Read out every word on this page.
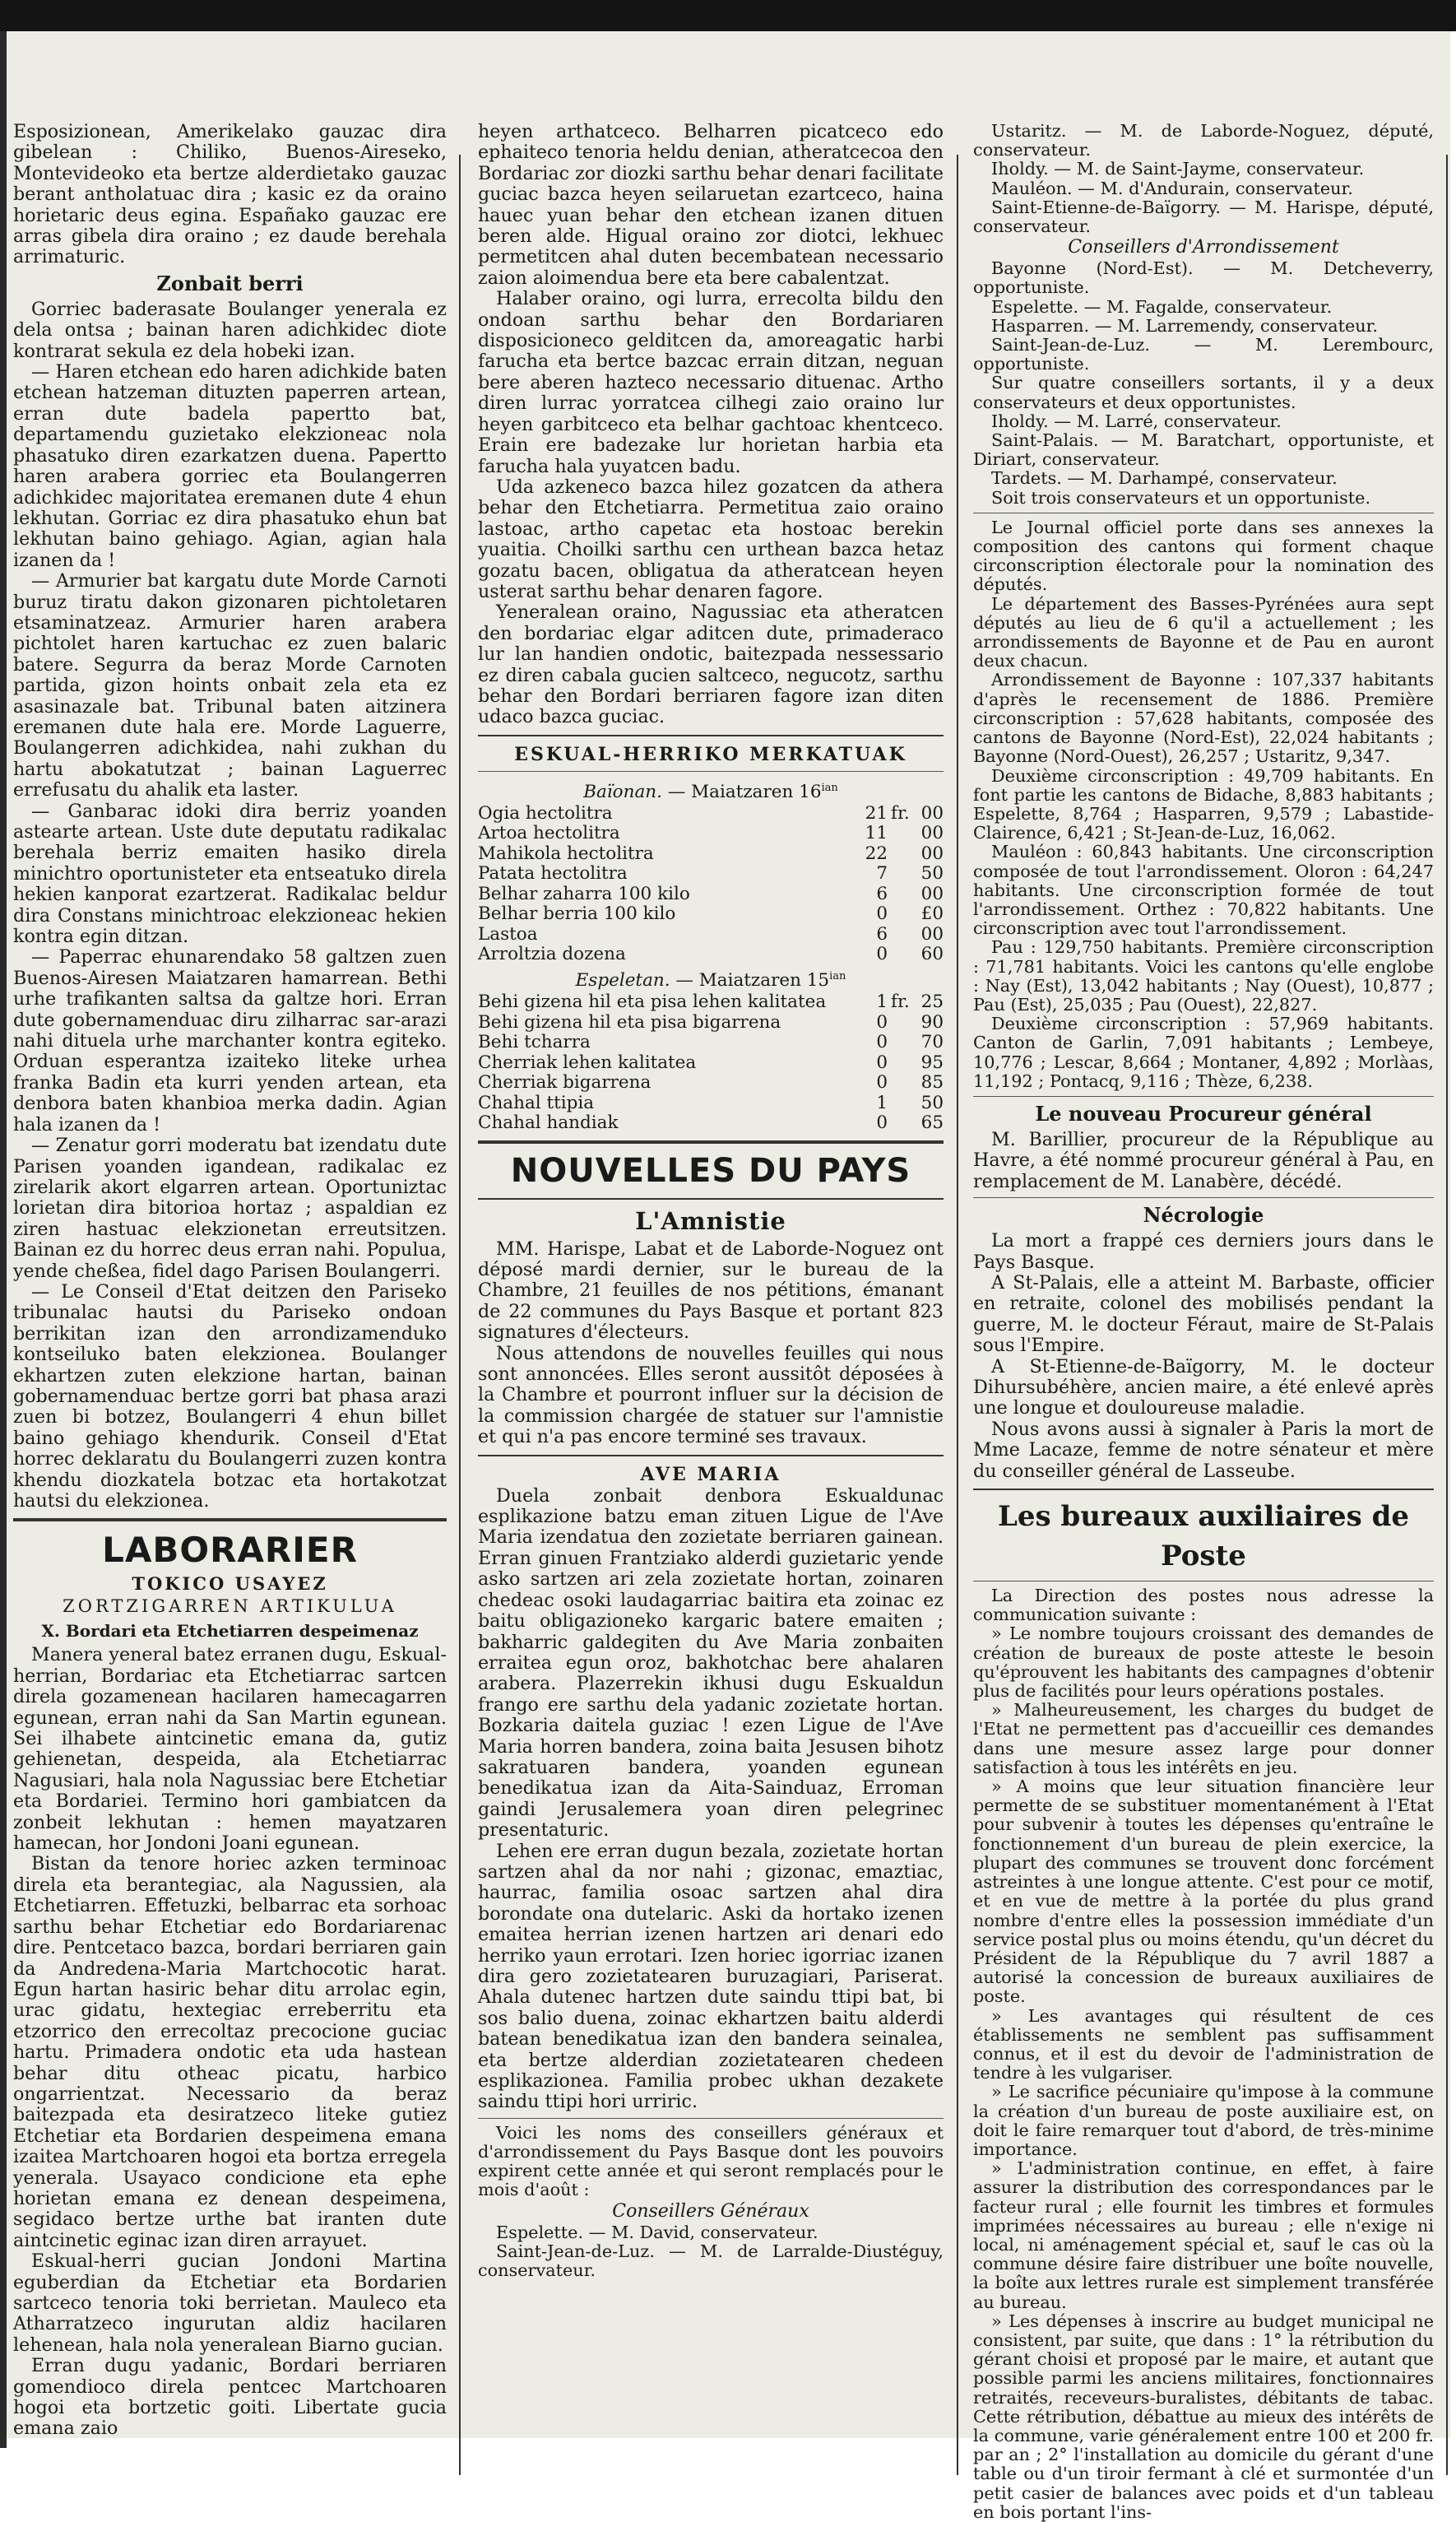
Esposizionean, Amerikelako gauzac dira gibelean : Chiliko, Buenos-Aireseko, Montevideoko eta bertze alderdietako gauzac berant antholatuac dira ; kasic ez da oraino horietaric deus egina. Españako gauzac ere arras gibela dira oraino ; ez daude berehala arrimaturic.

Zonbait berri

Gorriec baderasate Boulanger yenerala ez dela ontsa ; bainan haren adichkidec diote kontrarat sekula ez dela hobeki izan.

— Haren etchean edo haren adichkide baten etchean hatzeman dituzten paperren artean, erran dute badela papertto bat, departamendu guzietako elekzioneac nola phasatuko diren ezarkatzen duena. Papertto haren arabera gorriec eta Boulangerren adichkidec majoritatea eremanen dute 4 ehun lekhutan. Gorriac ez dira phasatuko ehun bat lekhutan baino gehiago. Agian, agian hala izanen da !

— Armurier bat kargatu dute Morde Carnoti buruz tiratu dakon gizonaren pichtoletaren etsaminatzeaz. Armurier haren arabera pichtolet haren kartuchac ez zuen balaric batere. Segurra da beraz Morde Carnoten partida, gizon hoints onbait zela eta ez asasinazale bat. Tribunal baten aitzinera eremanen dute hala ere. Morde Laguerre, Boulangerren adichkidea, nahi zukhan du hartu abokatutzat ; bainan Laguerrec errefusatu du ahalik eta laster.

— Ganbarac idoki dira berriz yoanden astearte artean. Uste dute deputatu radikalac berehala berriz emaiten hasiko direla minichtro oportunisteter eta entseatuko direla hekien kanporat ezartzerat. Radikalac beldur dira Constans minichtroac elekzioneac hekien kontra egin ditzan.

— Paperrac ehunarendako 58 galtzen zuen Buenos-Airesen Maiatzaren hamarrean. Bethi urhe trafikanten saltsa da galtze hori. Erran dute gobernamenduac diru zilharrac sar-arazi nahi dituela urhe marchanter kontra egiteko. Orduan esperantza izaiteko liteke urhea franka Badin eta kurri yenden artean, eta denbora baten khanbioa merka dadin. Agian hala izanen da !

— Zenatur gorri moderatu bat izendatu dute Parisen yoanden igandean, radikalac ez zirelarik akort elgarren artean. Oportuniztac lorietan dira bitorioa hortaz ; aspaldian ez ziren hastuac elekzionetan erreutsitzen. Bainan ez du horrec deus erran nahi. Populua, yende cheßea, fidel dago Parisen Boulangerri.

— Le Conseil d'Etat deitzen den Pariseko tribunalac hautsi du Pariseko ondoan berrikitan izan den arrondizamenduko kontseiluko baten elekzionea. Boulanger ekhartzen zuten elekzione hartan, bainan gobernamenduac bertze gorri bat phasa arazi zuen bi botzez, Boulangerri 4 ehun billet baino gehiago khendurik. Conseil d'Etat horrec deklaratu du Boulangerri zuzen kontra khendu diozkatela botzac eta hortakotzat hautsi du elekzionea.

LABORARIER
TOKICO USAYEZ
ZORTZIGARREN ARTIKULUA
X. Bordari eta Etchetiarren despeimenaz

Manera yeneral batez erranen dugu, Eskual-herrian, Bordariac eta Etchetiarrac sartcen direla gozamenean hacilaren hamecagarren egunean, erran nahi da San Martin egunean. Sei ilhabete aintcinetic emana da, gutiz gehienetan, despeida, ala Etchetiarrac Nagusiari, hala nola Nagussiac bere Etchetiar eta Bordariei. Termino hori gambiatcen da zonbeit lekhutan : hemen mayatzaren hamecan, hor Jondoni Joani egunean.

Bistan da tenore horiec azken terminoac direla eta berantegiac, ala Nagussien, ala Etchetiarren. Effetuzki, belbarrac eta sorhoac sarthu behar Etchetiar edo Bordariarenac dire. Pentcetaco bazca, bordari berriaren gain da Andredena-Maria Martchocotic harat. Egun hartan hasiric behar ditu arrolac egin, urac gidatu, hextegiac erreberritu eta etzorrico den errecoltaz precocione guciac hartu. Primadera ondotic eta uda hastean behar ditu otheac picatu, harbico ongarrientzat. Necessario da beraz baitezpada eta desiratzeco liteke gutiez Etchetiar eta Bordarien despeimena emana izaitea Martchoaren hogoi eta bortza erregela yenerala. Usayaco condicione eta ephe horietan emana ez denean despeimena, segidaco bertze urthe bat iranten dute aintcinetic eginac izan diren arrayuet.

Eskual-herri gucian Jondoni Martina eguberdian da Etchetiar eta Bordarien sartceco tenoria toki berrietan. Mauleco eta Atharratzeco ingurutan aldiz hacilaren lehenean, hala nola yeneralean Biarno gucian.

Erran dugu yadanic, Bordari berriaren gomendioco direla pentcec Martchoaren hogoi eta bortzetic goiti. Libertate gucia emana zaio

heyen arthatceco. Belharren picatceco edo ephaiteco tenoria heldu denian, atheratcecoa den Bordariac zor diozki sarthu behar denari facilitate guciac bazca heyen seilaruetan ezartceco, haina hauec yuan behar den etchean izanen dituen beren alde. Higual oraino zor diotci, lekhuec permetitcen ahal duten becembatean necessario zaion aloimendua bere eta bere cabalentzat.

Halaber oraino, ogi lurra, errecolta bildu den ondoan sarthu behar den Bordariaren disposicioneco gelditcen da, amoreagatic harbi farucha eta bertce bazcac errain ditzan, neguan bere aberen hazteco necessario dituenac. Artho diren lurrac yorratcea cilhegi zaio oraino lur heyen garbitceco eta belhar gachtoac khentceco. Erain ere badezake lur horietan harbia eta farucha hala yuyatcen badu.

Uda azkeneco bazca hilez gozatcen da athera behar den Etchetiarra. Permetitua zaio oraino lastoac, artho capetac eta hostoac berekin yuaitia. Choilki sarthu cen urthean bazca hetaz gozatu bacen, obligatua da atheratcean heyen usterat sarthu behar denaren fagore.

Yeneralean oraino, Nagussiac eta atheratcen den bordariac elgar aditcen dute, primaderaco lur lan handien ondotic, baitezpada nessessario ez diren cabala gucien saltceco, negucotz, sarthu behar den Bordari berriaren fagore izan diten udaco bazca guciac.

ESKUAL-HERRIKO MERKATUAK
Baïonan. — Maiatzaren $16^{ian}$
Ogia hectolitra	21	fr.	00
Artoa hectolitra	11		00
Mahikola hectolitra	22		00
Patata hectolitra	7		50
Belhar zaharra 100 kilo	6		00
Belhar berria 100 kilo	0		£0
Lastoa	6		00
Arroltzia dozena	0		60
Espeletan. — Maiatzaren $15^{ian}$
Behi gizena hil eta pisa lehen kalitatea	1	fr.	25
Behi gizena hil eta pisa bigarrena	0		90
Behi tcharra	0		70
Cherriak lehen kalitatea	0		95
Cherriak bigarrena	0		85
Chahal ttipia	1		50
Chahal handiak	0		65
NOUVELLES DU PAYS
L'Amnistie

MM. Harispe, Labat et de Laborde-Noguez ont déposé mardi dernier, sur le bureau de la Chambre, 21 feuilles de nos pétitions, émanant de 22 communes du Pays Basque et portant 823 signatures d'électeurs.

Nous attendons de nouvelles feuilles qui nous sont annoncées. Elles seront aussitôt déposées à la Chambre et pourront influer sur la décision de la commission chargée de statuer sur l'amnistie et qui n'a pas encore terminé ses travaux.

AVE MARIA

Duela zonbait denbora Eskualdunac esplikazione batzu eman zituen Ligue de l'Ave Maria izendatua den zozietate berriaren gainean. Erran ginuen Frantziako alderdi guzietaric yende asko sartzen ari zela zozietate hortan, zoinaren chedeac osoki laudagarriac baitira eta zoinac ez baitu obligazioneko kargaric batere emaiten ; bakharric galdegiten du Ave Maria zonbaiten erraitea egun oroz, bakhotchac bere ahalaren arabera. Plazerrekin ikhusi dugu Eskualdun frango ere sarthu dela yadanic zozietate hortan. Bozkaria daitela guziac ! ezen Ligue de l'Ave Maria horren bandera, zoina baita Jesusen bihotz sakratuaren bandera, yoanden egunean benedikatua izan da Aita-Sainduaz, Erroman gaindi Jerusalemera yoan diren pelegrinec presentaturic.

Lehen ere erran dugun bezala, zozietate hortan sartzen ahal da nor nahi ; gizonac, emaztiac, haurrac, familia osoac sartzen ahal dira borondate ona dutelaric. Aski da hortako izenen emaitea herrian izenen hartzen ari denari edo herriko yaun errotari. Izen horiec igorriac izanen dira gero zozietatearen buruzagiari, Pariserat. Ahala dutenec hartzen dute saindu ttipi bat, bi sos balio duena, zoinac ekhartzen baitu alderdi batean benedikatua izan den bandera seinalea, eta bertze alderdian zozietatearen chedeen esplikazionea. Familia probec ukhan dezakete saindu ttipi hori urriric.

Voici les noms des conseillers généraux et d'arrondissement du Pays Basque dont les pouvoirs expirent cette année et qui seront remplacés pour le mois d'août :

Conseillers Généraux

Espelette. — M. David, conservateur.

Saint-Jean-de-Luz. — M. de Larralde-Diustéguy, conservateur.

Ustaritz. — M. de Laborde-Noguez, député, conservateur.

Iholdy. — M. de Saint-Jayme, conservateur.

Mauléon. — M. d'Andurain, conservateur.

Saint-Etienne-de-Baïgorry. — M. Harispe, député, conservateur.

Conseillers d'Arrondissement

Bayonne (Nord-Est). — M. Detcheverry, opportuniste.

Espelette. — M. Fagalde, conservateur.

Hasparren. — M. Larremendy, conservateur.

Saint-Jean-de-Luz. — M. Lerembourc, opportuniste.

Sur quatre conseillers sortants, il y a deux conservateurs et deux opportunistes.

Iholdy. — M. Larré, conservateur.

Saint-Palais. — M. Baratchart, opportuniste, et Diriart, conservateur.

Tardets. — M. Darhampé, conservateur.

Soit trois conservateurs et un opportuniste.

Le Journal officiel porte dans ses annexes la composition des cantons qui forment chaque circonscription électorale pour la nomination des députés.

Le département des Basses-Pyrénées aura sept députés au lieu de 6 qu'il a actuellement ; les arrondissements de Bayonne et de Pau en auront deux chacun.

Arrondissement de Bayonne : 107,337 habitants d'après le recensement de 1886. Première circonscription : 57,628 habitants, composée des cantons de Bayonne (Nord-Est), 22,024 habitants ; Bayonne (Nord-Ouest), 26,257 ; Ustaritz, 9,347.

Deuxième circonscription : 49,709 habitants. En font partie les cantons de Bidache, 8,883 habitants ; Espelette, 8,764 ; Hasparren, 9,579 ; Labastide-Clairence, 6,421 ; St-Jean-de-Luz, 16,062.

Mauléon : 60,843 habitants. Une circonscription composée de tout l'arrondissement. Oloron : 64,247 habitants. Une circonscription formée de tout l'arrondissement. Orthez : 70,822 habitants. Une circonscription avec tout l'arrondissement.

Pau : 129,750 habitants. Première circonscription : 71,781 habitants. Voici les cantons qu'elle englobe : Nay (Est), 13,042 habitants ; Nay (Ouest), 10,877 ; Pau (Est), 25,035 ; Pau (Ouest), 22,827.

Deuxième circonscription : 57,969 habitants. Canton de Garlin, 7,091 habitants ; Lembeye, 10,776 ; Lescar, 8,664 ; Montaner, 4,892 ; Morlàas, 11,192 ; Pontacq, 9,116 ; Thèze, 6,238.

Le nouveau Procureur général

M. Barillier, procureur de la République au Havre, a été nommé procureur général à Pau, en remplacement de M. Lanabère, décédé.

Nécrologie

La mort a frappé ces derniers jours dans le Pays Basque.

A St-Palais, elle a atteint M. Barbaste, officier en retraite, colonel des mobilisés pendant la guerre, M. le docteur Féraut, maire de St-Palais sous l'Empire.

A St-Etienne-de-Baïgorry, M. le docteur Dihursubéhère, ancien maire, a été enlevé après une longue et douloureuse maladie.

Nous avons aussi à signaler à Paris la mort de Mme Lacaze, femme de notre sénateur et mère du conseiller général de Lasseube.

Les bureaux auxiliaires de Poste

La Direction des postes nous adresse la communication suivante :

» Le nombre toujours croissant des demandes de création de bureaux de poste atteste le besoin qu'éprouvent les habitants des campagnes d'obtenir plus de facilités pour leurs opérations postales.

» Malheureusement, les charges du budget de l'Etat ne permettent pas d'accueillir ces demandes dans une mesure assez large pour donner satisfaction à tous les intérêts en jeu.

» A moins que leur situation financière leur permette de se substituer momentanément à l'Etat pour subvenir à toutes les dépenses qu'entraîne le fonctionnement d'un bureau de plein exercice, la plupart des communes se trouvent donc forcément astreintes à une longue attente. C'est pour ce motif, et en vue de mettre à la portée du plus grand nombre d'entre elles la possession immédiate d'un service postal plus ou moins étendu, qu'un décret du Président de la République du 7 avril 1887 a autorisé la concession de bureaux auxiliaires de poste.

» Les avantages qui résultent de ces établissements ne semblent pas suffisamment connus, et il est du devoir de l'administration de tendre à les vulgariser.

» Le sacrifice pécuniaire qu'impose à la commune la création d'un bureau de poste auxiliaire est, on doit le faire remarquer tout d'abord, de très-minime importance.

» L'administration continue, en effet, à faire assurer la distribution des correspondances par le facteur rural ; elle fournit les timbres et formules imprimées nécessaires au bureau ; elle n'exige ni local, ni aménagement spécial et, sauf le cas où la commune désire faire distribuer une boîte nouvelle, la boîte aux lettres rurale est simplement transférée au bureau.

» Les dépenses à inscrire au budget municipal ne consistent, par suite, que dans : 1° la rétribution du gérant choisi et proposé par le maire, et autant que possible parmi les anciens militaires, fonctionnaires retraités, receveurs-buralistes, débitants de tabac. Cette rétribution, débattue au mieux des intérêts de la commune, varie généralement entre 100 et 200 fr. par an ; 2° l'installation au domicile du gérant d'une table ou d'un tiroir fermant à clé et surmontée d'un petit casier de balances avec poids et d'un tableau en bois portant l'ins-
